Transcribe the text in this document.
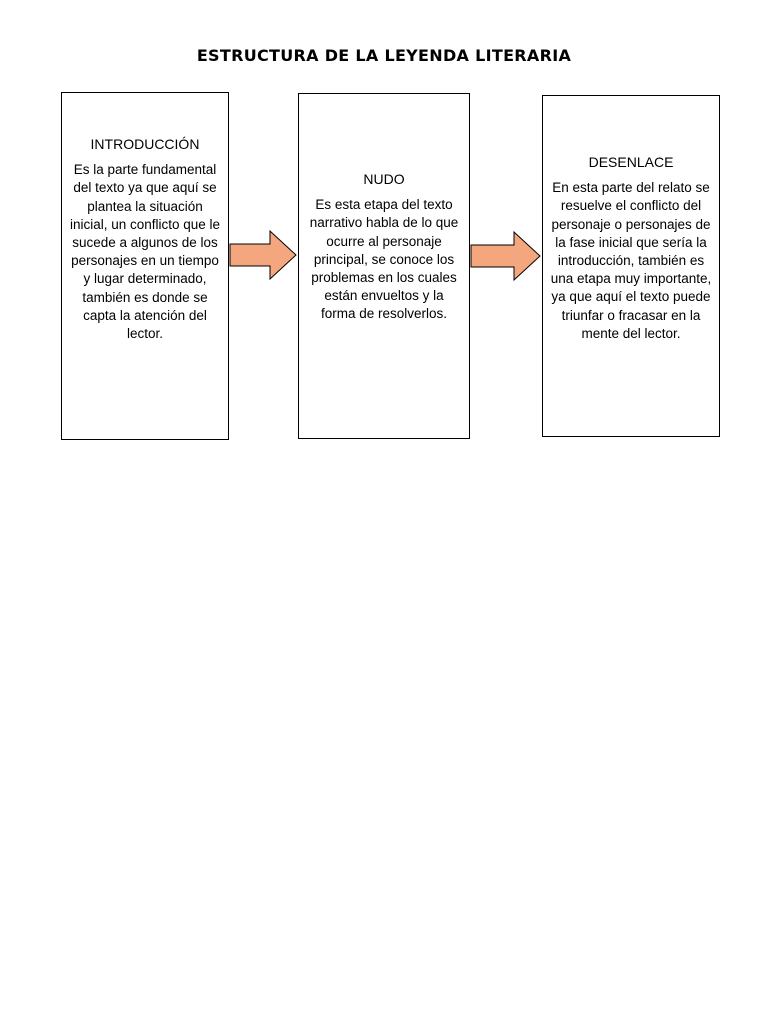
ESTRUCTURA DE LA LEYENDA LITERARIA
INTRODUCCIÓN
Es la parte fundamental del texto ya que aquí se plantea la situación inicial, un conflicto que le sucede a algunos de los personajes en un tiempo y lugar determinado, también es donde se capta la atención del lector.
NUDO
Es esta etapa del texto narrativo habla de lo que ocurre al personaje principal, se conoce los problemas en los cuales están envueltos y la forma de resolverlos.
DESENLACE
En esta parte del relato se resuelve el conflicto del personaje o personajes de la fase inicial que sería la introducción, también es una etapa muy importante, ya que aquí el texto puede triunfar o fracasar en la mente del lector.
